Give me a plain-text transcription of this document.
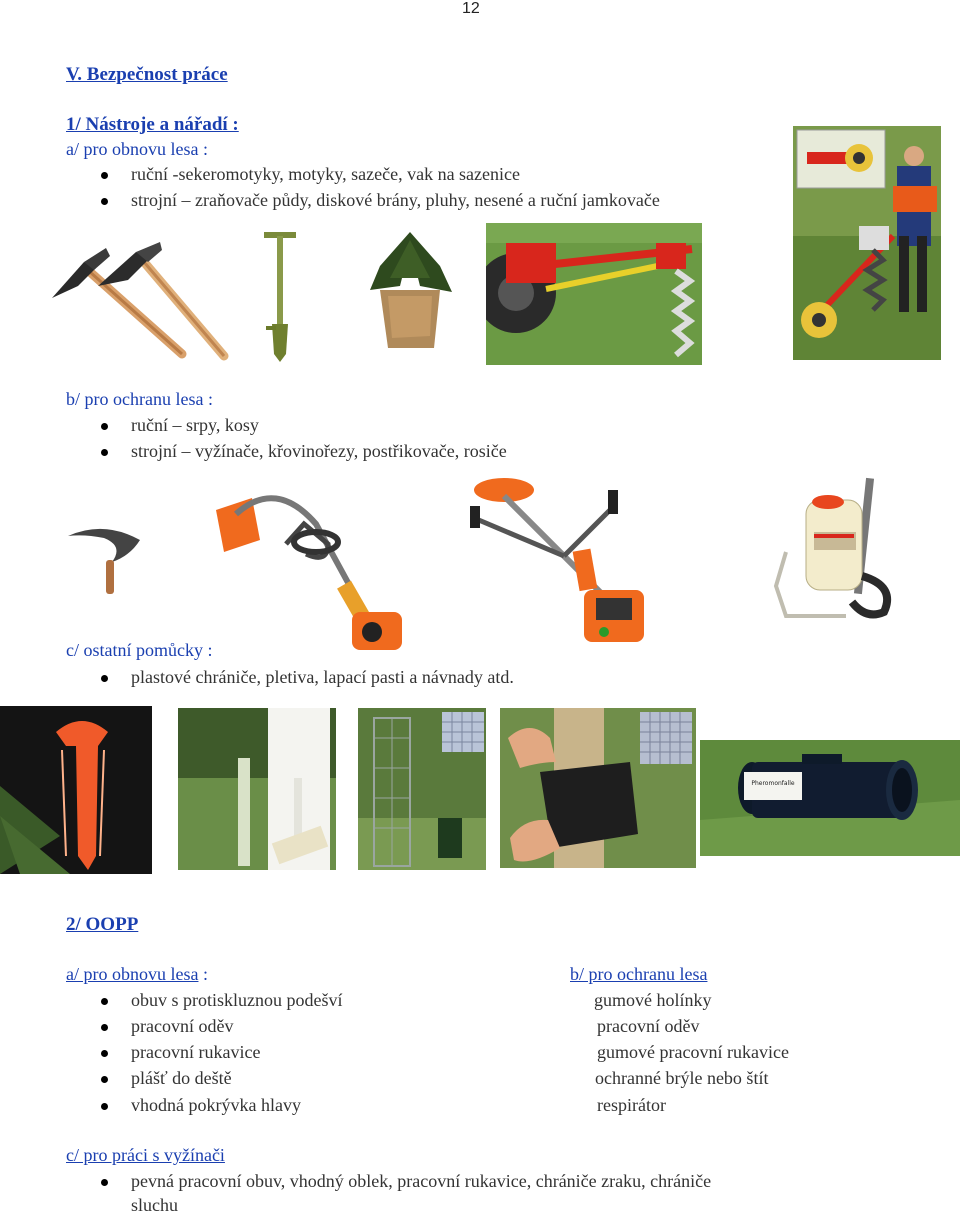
12
V. Bezpečnost práce
1/ Nástroje a nářadí :
a/ pro obnovu lesa :
ruční -sekeromotyky, motyky, sazeče, vak na sazenice
strojní – zraňovače půdy, diskové brány, pluhy, nesené a ruční jamkovače
b/ pro ochranu lesa :
ruční – srpy, kosy
strojní – vyžínače, křovinořezy, postřikovače, rosiče
c/ ostatní pomůcky :
plastové chrániče, pletiva, lapací pasti a návnady atd.
Pheromonfalle
2/ OOPP
a/ pro obnovu lesa :	b/ pro ochranu lesa
obuv s protiskluznou podešví	gumové holínky
pracovní oděv	pracovní oděv
pracovní rukavice	gumové pracovní rukavice
plášť do deště	ochranné brýle nebo štít
vhodná pokrývka hlavy	respirátor
c/ pro práci s vyžínači
pevná pracovní obuv, vhodný oblek, pracovní rukavice, chrániče zraku, chrániče
sluchu
